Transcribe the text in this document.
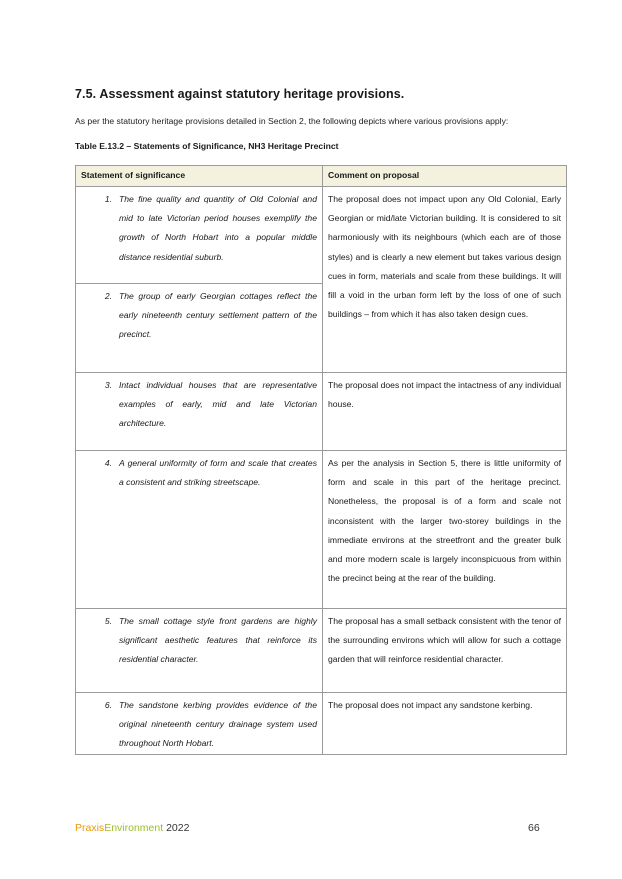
7.5. Assessment against statutory heritage provisions.
As per the statutory heritage provisions detailed in Section 2, the following depicts where various provisions apply:
Table E.13.2 – Statements of Significance, NH3 Heritage Precinct
Statement of significance	Comment on proposal

1. The fine quality and quantity of Old Colonial and mid to late Victorian period houses exemplify the growth of North Hobart into a popular middle distance residential suburb.	The proposal does not impact upon any Old Colonial, Early Georgian or mid/late Victorian building. It is considered to sit harmoniously with its neighbours (which each are of those styles) and is clearly a new element but takes various design cues in form, materials and scale from these buildings. It will fill a void in the urban form left by the loss of one of such buildings – from which it has also taken design cues.

2. The group of early Georgian cottages reflect the early nineteenth century settlement pattern of the precinct.	

3. Intact individual houses that are representative examples of early, mid and late Victorian architecture.	The proposal does not impact the intactness of any individual house.

4. A general uniformity of form and scale that creates a consistent and striking streetscape.	As per the analysis in Section 5, there is little uniformity of form and scale in this part of the heritage precinct. Nonetheless, the proposal is of a form and scale not inconsistent with the larger two-storey buildings in the immediate environs at the streetfront and the greater bulk and more modern scale is largely inconspicuous from within the precinct being at the rear of the building.

5. The small cottage style front gardens are highly significant aesthetic features that reinforce its residential character.	The proposal has a small setback consistent with the tenor of the surrounding environs which will allow for such a cottage garden that will reinforce residential character.

6. The sandstone kerbing provides evidence of the original nineteenth century drainage system used throughout North Hobart.	The proposal does not impact any sandstone kerbing.
PraxisEnvironment 2022	66
